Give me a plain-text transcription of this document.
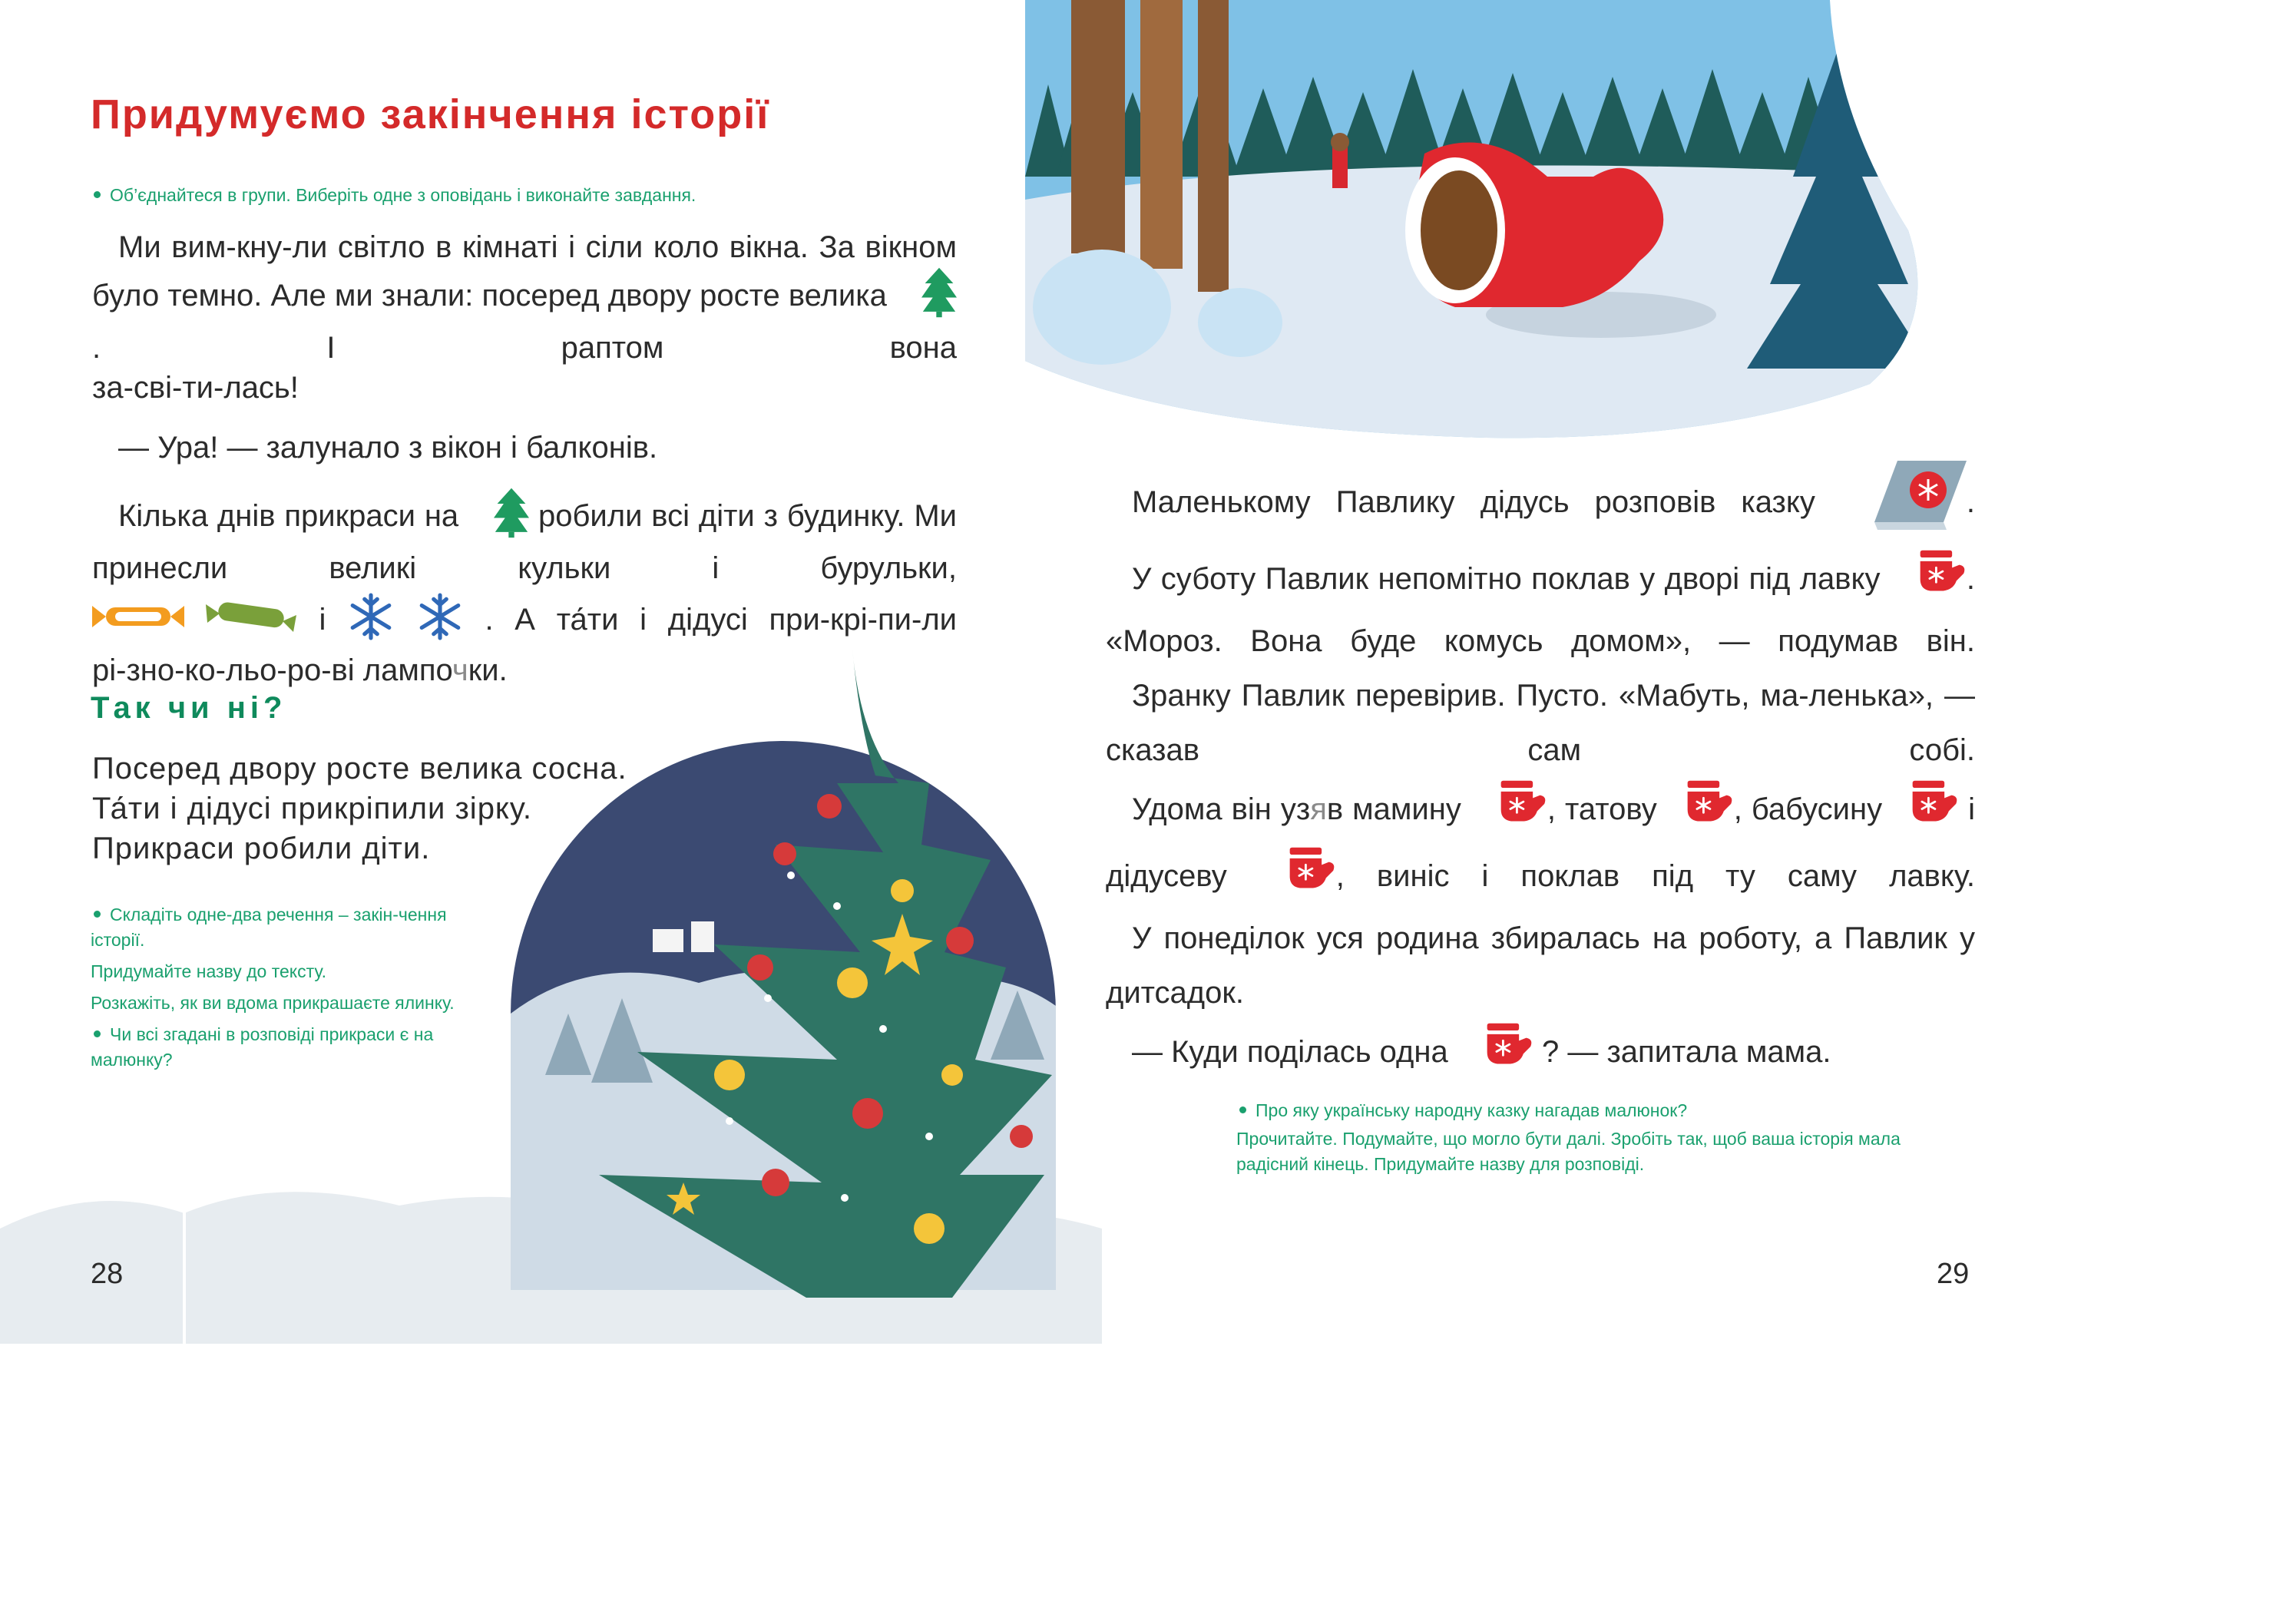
Придумуємо закінчення історії
Об’єднайтеся в групи. Виберіть одне з оповідань і виконайте завдання.

Ми вим-кну-ли світло в кімнаті і сіли коло вікна. За вікном було темно. Але ми знали: посеред двору росте велика . І раптом вона

за-сві-ти-лась!

— Ура! — залунало з вікон і балконів.

Кілька днів прикраси на	робили всі діти з будинку. Ми принесли великі кульки і бурульки,

і	. А та́ти і дідусі при-крі-пи-ли

рі-зно-ко-льо-ро-ві лампочки.

Так чи ні?
Посеред двору росте велика сосна.
Та́ти і дідусі прикріпили зірку.
Прикраси робили діти.
Складіть одне-два речення – закін-чення історії.
Придумайте назву до тексту.
Розкажіть, як ви вдома прикрашаєте ялинку.
Чи всі згадані в розповіді прикраси є на малюнку?
28

Маленькому Павлику дідусь розповів казку	.

У суботу Павлик непомітно поклав у дворі під лавку	. «Мороз. Вона буде комусь домом», — подумав він.

Зранку Павлик перевірив. Пусто. «Мабуть, ма-ленька», — сказав сам собі.

Удома він узяв мамину	, татову	, бабусину	і дідусеву	, виніс і поклав під ту саму лавку.

У понеділок уся родина збиралась на роботу, а Павлик у дитсадок.

— Куди поділась одна	? — запитала мама.

Про яку українську народну казку нагадав малюнок?
Прочитайте. Подумайте, що могло бути далі. Зробіть так, щоб ваша історія мала радісний кінець. Придумайте назву для розповіді.
29
